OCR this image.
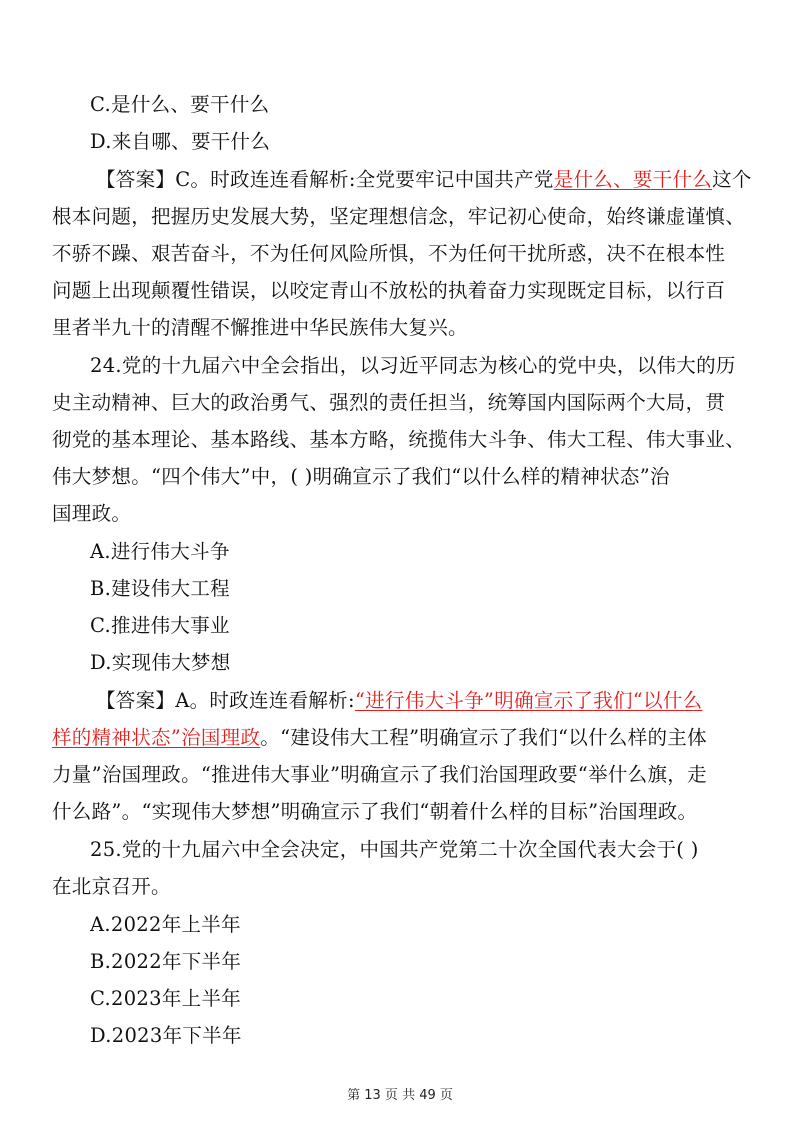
C.是什么、要干什么
D.来自哪、要干什么
【答案】C。时政连连看解析:全党要牢记中国共产党是什么、要干什么这个
根本问题，把握历史发展大势，坚定理想信念，牢记初心使命，始终谦虚谨慎、
不骄不躁、艰苦奋斗，不为任何风险所惧，不为任何干扰所惑，决不在根本性
问题上出现颠覆性错误，以咬定青山不放松的执着奋力实现既定目标，以行百
里者半九十的清醒不懈推进中华民族伟大复兴。
24.党的十九届六中全会指出，以习近平同志为核心的党中央，以伟大的历
史主动精神、巨大的政治勇气、强烈的责任担当，统筹国内国际两个大局，贯
彻党的基本理论、基本路线、基本方略，统揽伟大斗争、伟大工程、伟大事业、
伟大梦想。“四个伟大”中，( )明确宣示了我们“以什么样的精神状态”治
国理政。
A.进行伟大斗争
B.建设伟大工程
C.推进伟大事业
D.实现伟大梦想
【答案】A。时政连连看解析:“进行伟大斗争”明确宣示了我们“以什么
样的精神状态”治国理政。“建设伟大工程”明确宣示了我们“以什么样的主体
力量”治国理政。“推进伟大事业”明确宣示了我们治国理政要“举什么旗，走
什么路”。“实现伟大梦想”明确宣示了我们“朝着什么样的目标”治国理政。
25.党的十九届六中全会决定，中国共产党第二十次全国代表大会于( )
在北京召开。
A.2022年上半年
B.2022年下半年
C.2023年上半年
D.2023年下半年
第 13 页 共 49 页
